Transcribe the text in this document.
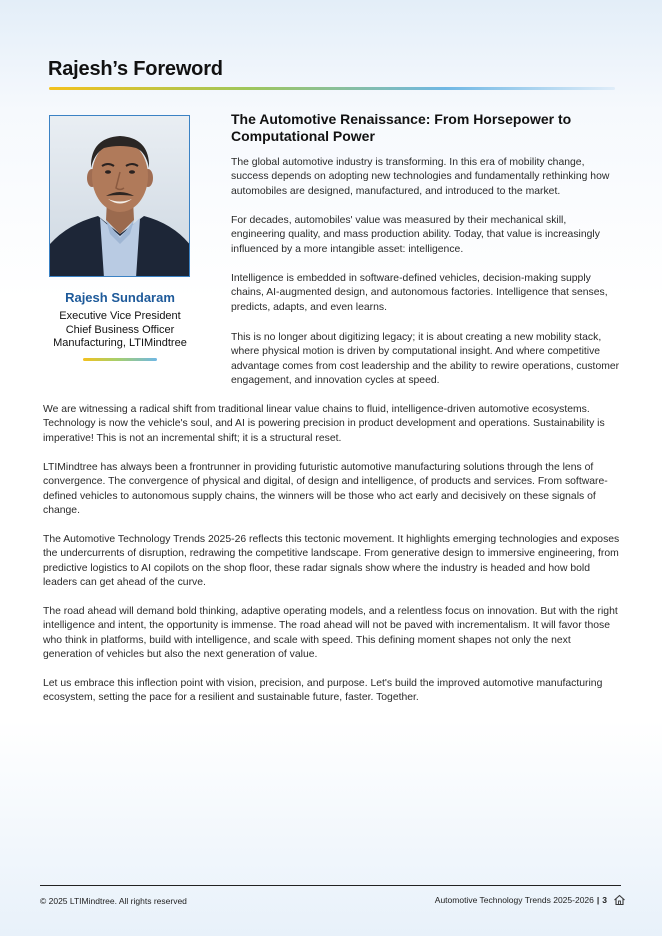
Rajesh’s Foreword
Rajesh Sundaram
Executive Vice President
Chief Business Officer
Manufacturing, LTIMindtree
The Automotive Renaissance: From Horsepower to Computational Power
The global automotive industry is transforming. In this era of mobility change, success depends on adopting new technologies and fundamentally rethinking how automobiles are designed, manufactured, and introduced to the market.
For decades, automobiles' value was measured by their mechanical skill, engineering quality, and mass production ability. Today, that value is increasingly influenced by a more intangible asset: intelligence.
Intelligence is embedded in software-defined vehicles, decision-making supply chains, AI-augmented design, and autonomous factories. Intelligence that senses, predicts, adapts, and even learns.
This is no longer about digitizing legacy; it is about creating a new mobility stack, where physical motion is driven by computational insight. And where competitive advantage comes from cost leadership and the ability to rewire operations, customer engagement, and innovation cycles at speed.
We are witnessing a radical shift from traditional linear value chains to fluid, intelligence-driven automotive ecosystems. Technology is now the vehicle's soul, and AI is powering precision in product development and operations. Sustainability is imperative! This is not an incremental shift; it is a structural reset.
LTIMindtree has always been a frontrunner in providing futuristic automotive manufacturing solutions through the lens of convergence. The convergence of physical and digital, of design and intelligence, of products and services. From software-defined vehicles to autonomous supply chains, the winners will be those who act early and decisively on these signals of change.
The Automotive Technology Trends 2025-26 reflects this tectonic movement. It highlights emerging technologies and exposes the undercurrents of disruption, redrawing the competitive landscape. From generative design to immersive engineering, from predictive logistics to AI copilots on the shop floor, these radar signals show where the industry is headed and how bold leaders can get ahead of the curve.
The road ahead will demand bold thinking, adaptive operating models, and a relentless focus on innovation. But with the right intelligence and intent, the opportunity is immense. The road ahead will not be paved with incrementalism. It will favor those who think in platforms, build with intelligence, and scale with speed. This defining moment shapes not only the next generation of vehicles but also the next generation of value.
Let us embrace this inflection point with vision, precision, and purpose. Let's build the improved automotive manufacturing ecosystem, setting the pace for a resilient and sustainable future, faster. Together.
© 2025 LTIMindtree. All rights reserved	Automotive Technology Trends 2025-2026 | 3
